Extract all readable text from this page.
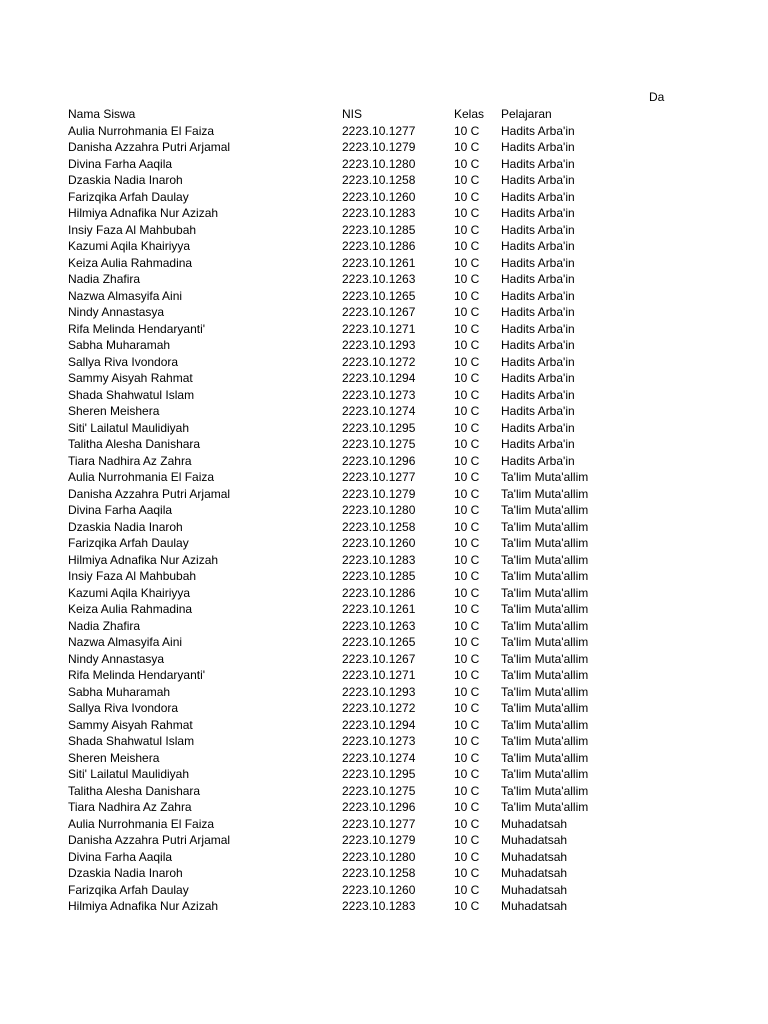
Da
Nama Siswa	NIS	Kelas	Pelajaran
Aulia Nurrohmania El Faiza	2223.10.1277	10 C	Hadits Arba'in
Danisha Azzahra Putri Arjamal	2223.10.1279	10 C	Hadits Arba'in
Divina Farha Aaqila	2223.10.1280	10 C	Hadits Arba'in
Dzaskia Nadia Inaroh	2223.10.1258	10 C	Hadits Arba'in
Farizqika Arfah Daulay	2223.10.1260	10 C	Hadits Arba'in
Hilmiya Adnafika Nur Azizah	2223.10.1283	10 C	Hadits Arba'in
Insiy Faza Al Mahbubah	2223.10.1285	10 C	Hadits Arba'in
Kazumi Aqila Khairiyya	2223.10.1286	10 C	Hadits Arba'in
Keiza Aulia Rahmadina	2223.10.1261	10 C	Hadits Arba'in
Nadia Zhafira	2223.10.1263	10 C	Hadits Arba'in
Nazwa Almasyifa Aini	2223.10.1265	10 C	Hadits Arba'in
Nindy Annastasya	2223.10.1267	10 C	Hadits Arba'in
Rifa Melinda Hendaryanti'	2223.10.1271	10 C	Hadits Arba'in
Sabha Muharamah	2223.10.1293	10 C	Hadits Arba'in
Sallya Riva Ivondora	2223.10.1272	10 C	Hadits Arba'in
Sammy Aisyah Rahmat	2223.10.1294	10 C	Hadits Arba'in
Shada Shahwatul Islam	2223.10.1273	10 C	Hadits Arba'in
Sheren Meishera	2223.10.1274	10 C	Hadits Arba'in
Siti' Lailatul Maulidiyah	2223.10.1295	10 C	Hadits Arba'in
Talitha Alesha Danishara	2223.10.1275	10 C	Hadits Arba'in
Tiara Nadhira Az Zahra	2223.10.1296	10 C	Hadits Arba'in
Aulia Nurrohmania El Faiza	2223.10.1277	10 C	Ta'lim Muta'allim
Danisha Azzahra Putri Arjamal	2223.10.1279	10 C	Ta'lim Muta'allim
Divina Farha Aaqila	2223.10.1280	10 C	Ta'lim Muta'allim
Dzaskia Nadia Inaroh	2223.10.1258	10 C	Ta'lim Muta'allim
Farizqika Arfah Daulay	2223.10.1260	10 C	Ta'lim Muta'allim
Hilmiya Adnafika Nur Azizah	2223.10.1283	10 C	Ta'lim Muta'allim
Insiy Faza Al Mahbubah	2223.10.1285	10 C	Ta'lim Muta'allim
Kazumi Aqila Khairiyya	2223.10.1286	10 C	Ta'lim Muta'allim
Keiza Aulia Rahmadina	2223.10.1261	10 C	Ta'lim Muta'allim
Nadia Zhafira	2223.10.1263	10 C	Ta'lim Muta'allim
Nazwa Almasyifa Aini	2223.10.1265	10 C	Ta'lim Muta'allim
Nindy Annastasya	2223.10.1267	10 C	Ta'lim Muta'allim
Rifa Melinda Hendaryanti'	2223.10.1271	10 C	Ta'lim Muta'allim
Sabha Muharamah	2223.10.1293	10 C	Ta'lim Muta'allim
Sallya Riva Ivondora	2223.10.1272	10 C	Ta'lim Muta'allim
Sammy Aisyah Rahmat	2223.10.1294	10 C	Ta'lim Muta'allim
Shada Shahwatul Islam	2223.10.1273	10 C	Ta'lim Muta'allim
Sheren Meishera	2223.10.1274	10 C	Ta'lim Muta'allim
Siti' Lailatul Maulidiyah	2223.10.1295	10 C	Ta'lim Muta'allim
Talitha Alesha Danishara	2223.10.1275	10 C	Ta'lim Muta'allim
Tiara Nadhira Az Zahra	2223.10.1296	10 C	Ta'lim Muta'allim
Aulia Nurrohmania El Faiza	2223.10.1277	10 C	Muhadatsah
Danisha Azzahra Putri Arjamal	2223.10.1279	10 C	Muhadatsah
Divina Farha Aaqila	2223.10.1280	10 C	Muhadatsah
Dzaskia Nadia Inaroh	2223.10.1258	10 C	Muhadatsah
Farizqika Arfah Daulay	2223.10.1260	10 C	Muhadatsah
Hilmiya Adnafika Nur Azizah	2223.10.1283	10 C	Muhadatsah
